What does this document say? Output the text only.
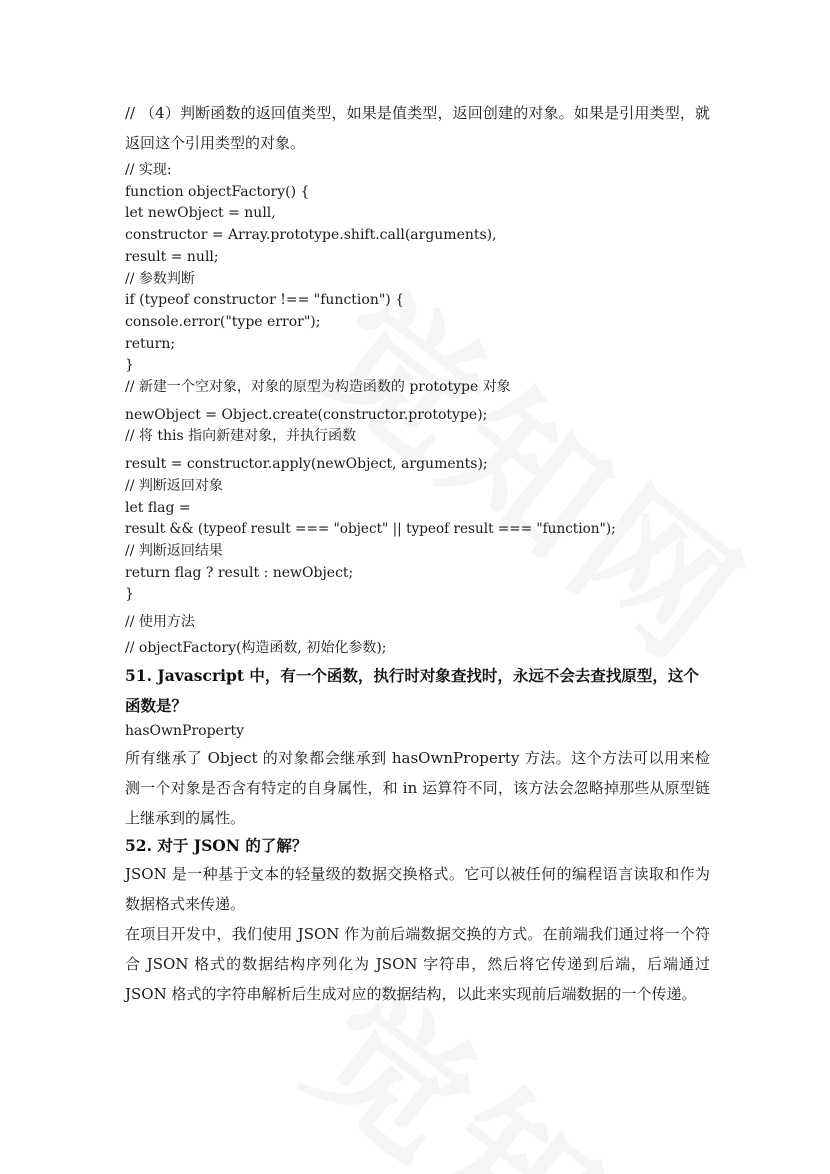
// （4）判断函数的返回值类型，如果是值类型，返回创建的对象。如果是引用类型，就返回这个引用类型的对象。
// 实现:
function objectFactory() {
let newObject = null,
constructor = Array.prototype.shift.call(arguments),
result = null;
// 参数判断
if (typeof constructor !== "function") {
console.error("type error");
return;
}
// 新建一个空对象，对象的原型为构造函数的 prototype 对象
newObject = Object.create(constructor.prototype);
// 将 this 指向新建对象，并执行函数
result = constructor.apply(newObject, arguments);
// 判断返回对象
let flag =
result && (typeof result === "object" || typeof result === "function");
// 判断返回结果
return flag ? result : newObject;
}
// 使用方法
// objectFactory(构造函数, 初始化参数);
51. Javascript 中，有一个函数，执行时对象查找时，永远不会去查找原型，这个函数是？
hasOwnProperty
所有继承了 Object 的对象都会继承到 hasOwnProperty 方法。这个方法可以用来检测一个对象是否含有特定的自身属性，和 in 运算符不同，该方法会忽略掉那些从原型链上继承到的属性。
52. 对于 JSON 的了解？
JSON 是一种基于文本的轻量级的数据交换格式。它可以被任何的编程语言读取和作为数据格式来传递。
在项目开发中，我们使用 JSON 作为前后端数据交换的方式。在前端我们通过将一个符合 JSON 格式的数据结构序列化为 JSON 字符串，然后将它传递到后端，后端通过 JSON 格式的字符串解析后生成对应的数据结构，以此来实现前后端数据的一个传递。
